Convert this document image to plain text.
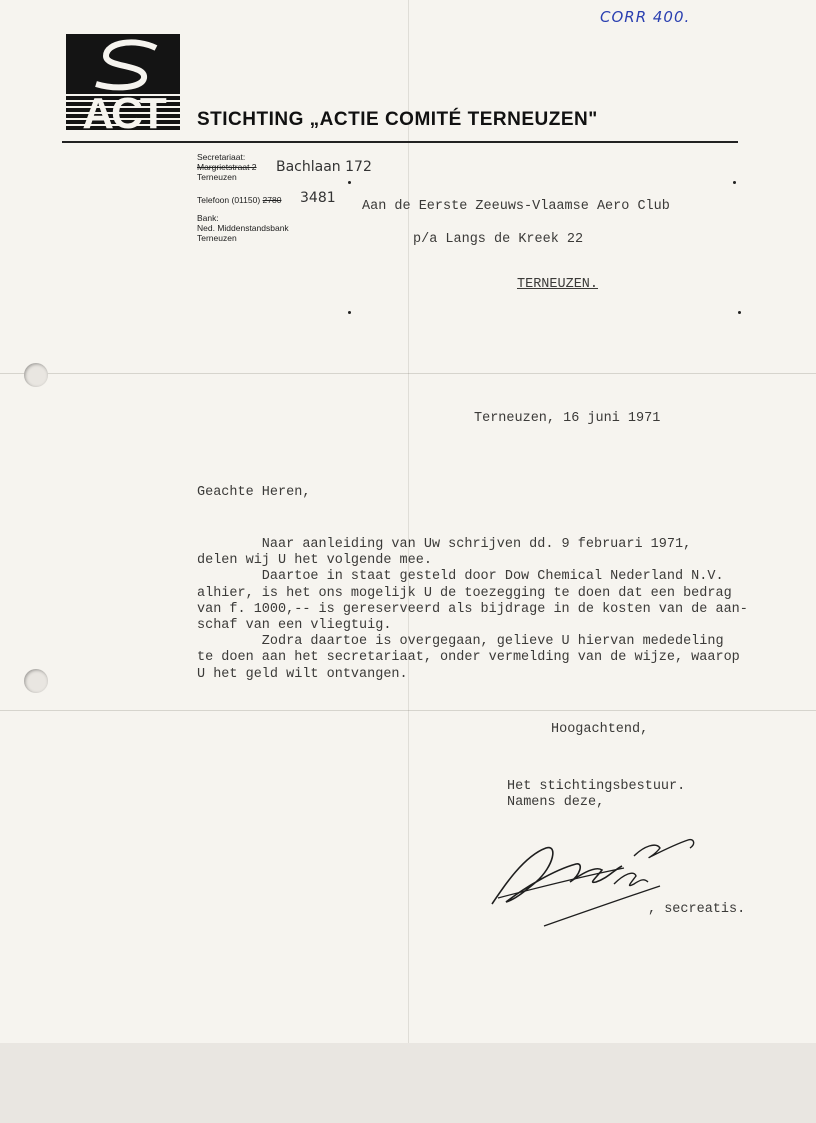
CORR 400.
ACT STICHTING „ACTIE COMITÉ TERNEUZEN"
Secretariaat:
Margrietstraat 2 Bachlaan 172
Terneuzen
Telefoon (01150) 2780 3481
Bank:
Ned. Middenstandsbank
Terneuzen
Aan de Eerste Zeeuws-Vlaamse Aero Club
p/a Langs de Kreek 22
TERNEUZEN.
Terneuzen, 16 juni 1971
Geachte Heren,
Naar aanleiding van Uw schrijven dd. 9 februari 1971,
delen wij U het volgende mee.
Daartoe in staat gesteld door Dow Chemical Nederland N.V.
alhier, is het ons mogelijk U de toezegging te doen dat een bedrag
van f. 1000,-- is gereserveerd als bijdrage in de kosten van de aan-
schaf van een vliegtuig.
Zodra daartoe is overgegaan, gelieve U hiervan mededeling
te doen aan het secretariaat, onder vermelding van de wijze, waarop
U het geld wilt ontvangen.
Hoogachtend,
Het stichtingsbestuur.
Namens deze,
, secreatis.
